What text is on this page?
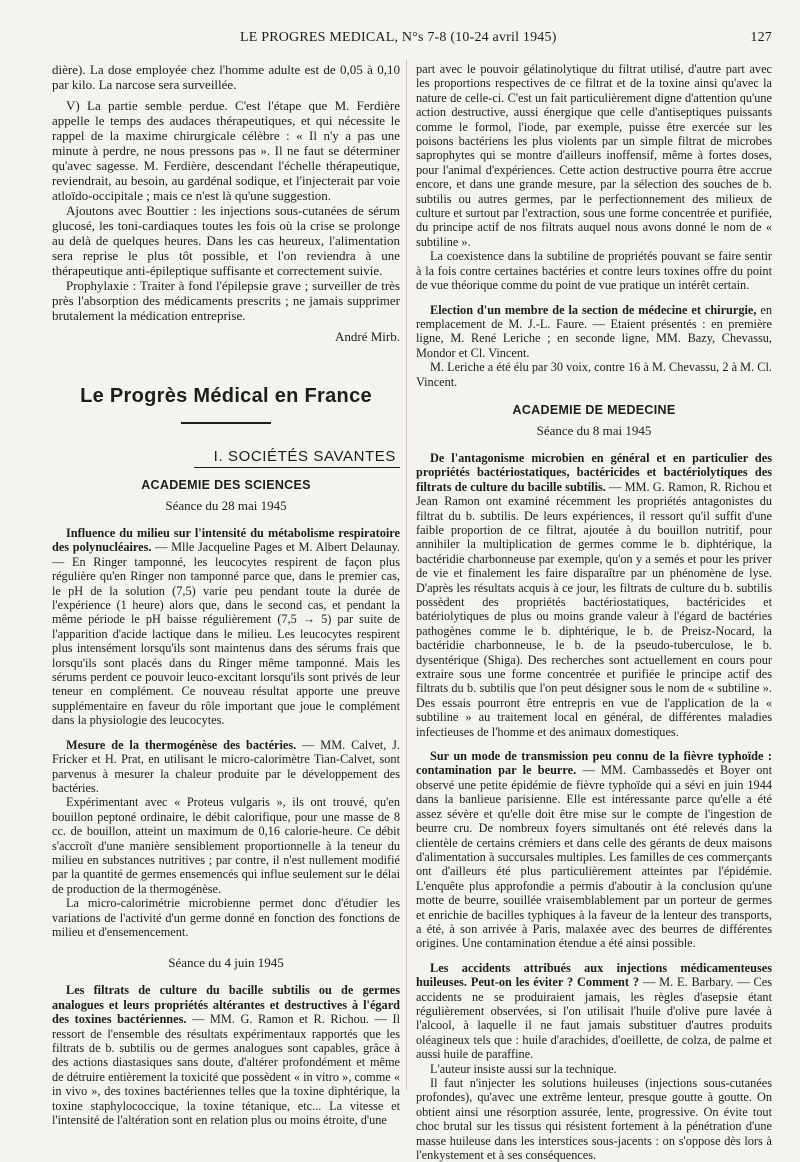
LE PROGRES MEDICAL, N°s 7-8 (10-24 avril 1945)	127

dière). La dose employée chez l'homme adulte est de 0,05 à 0,10 par kilo. La narcose sera surveillée.

V) La partie semble perdue. C'est l'étape que M. Ferdière appelle le temps des audaces thérapeutiques, et qui nécessite le rappel de la maxime chirurgicale célèbre : « Il n'y a pas une minute à perdre, ne nous pressons pas ». Il ne faut se déterminer qu'avec sagesse. M. Ferdière, descendant l'échelle thérapeutique, reviendrait, au besoin, au gardénal sodique, et l'injecterait par voie atloïdo-occipitale ; mais ce n'est là qu'une suggestion.

Ajoutons avec Bouttier : les injections sous-cutanées de sérum glucosé, les toni-cardiaques toutes les fois où la crise se prolonge au delà de quelques heures. Dans les cas heureux, l'alimentation sera reprise le plus tôt possible, et l'on reviendra à une thérapeutique anti-épileptique suffisante et correctement suivie.

Prophylaxie : Traiter à fond l'épilepsie grave ; surveiller de très près l'absorption des médicaments prescrits ; ne jamais supprimer brutalement la médication entreprise.

André Mirb.
Le Progrès Médical en France
I. SOCIÉTÉS SAVANTES
ACADEMIE DES SCIENCES
Séance du 28 mai 1945

Influence du milieu sur l'intensité du métabolisme respiratoire des polynucléaires. — Mlle Jacqueline Pages et M. Albert Delaunay. — En Ringer tamponné, les leucocytes respirent de façon plus régulière qu'en Ringer non tamponné parce que, dans le premier cas, le pH de la solution (7,5) varie peu pendant toute la durée de l'expérience (1 heure) alors que, dans le second cas, et pendant la même période le pH baisse régulièrement (7,5 → 5) par suite de l'apparition d'acide lactique dans le milieu. Les leucocytes respirent plus intensément lorsqu'ils sont maintenus dans des sérums frais que lorsqu'ils sont placés dans du Ringer même tamponné. Mais les sérums perdent ce pouvoir leuco-excitant lorsqu'ils sont privés de leur teneur en complément. Ce nouveau résultat apporte une preuve supplémentaire en faveur du rôle important que joue le complément dans la physiologie des leucocytes.

Mesure de la thermogénèse des bactéries. — MM. Calvet, J. Fricker et H. Prat, en utilisant le micro-calorimètre Tian-Calvet, sont parvenus à mesurer la chaleur produite par le développement des bactéries.

Expérimentant avec « Proteus vulgaris », ils ont trouvé, qu'en bouillon peptoné ordinaire, le débit calorifique, pour une masse de 8 cc. de bouillon, atteint un maximum de 0,16 calorie-heure. Ce débit s'accroît d'une manière sensiblement proportionnelle à la teneur du milieu en substances nutritives ; par contre, il n'est nullement modifié par la quantité de germes ensemencés qui influe seulement sur le délai de production de la thermogénèse.

La micro-calorimétrie microbienne permet donc d'étudier les variations de l'activité d'un germe donné en fonction des fonctions de milieu et d'ensemencement.

Séance du 4 juin 1945

Les filtrats de culture du bacille subtilis ou de germes analogues et leurs propriétés altérantes et destructives à l'égard des toxines bactériennes. — MM. G. Ramon et R. Richou. — Il ressort de l'ensemble des résultats expérimentaux rapportés que les filtrats de b. subtilis ou de germes analogues sont capables, grâce à des actions diastasiques sans doute, d'altérer profondément et même de détruire entièrement la toxicité que possèdent « in vitro », comme « in vivo », des toxines bactériennes telles que la toxine diphtérique, la toxine staphylococcique, la toxine tétanique, etc... La vitesse et l'intensité de l'altération sont en relation plus ou moins étroite, d'une

part avec le pouvoir gélatinolytique du filtrat utilisé, d'autre part avec les proportions respectives de ce filtrat et de la toxine ainsi qu'avec la nature de celle-ci. C'est un fait particulièrement digne d'attention qu'une action destructive, aussi énergique que celle d'antiseptiques puissants comme le formol, l'iode, par exemple, puisse être exercée sur les poisons bactériens les plus violents par un simple filtrat de microbes saprophytes qui se montre d'ailleurs inoffensif, même à fortes doses, pour l'animal d'expériences. Cette action destructive pourra être accrue encore, et dans une grande mesure, par la sélection des souches de b. subtilis ou autres germes, par le perfectionnement des milieux de culture et surtout par l'extraction, sous une forme concentrée et purifiée, du principe actif de nos filtrats auquel nous avons donné le nom de « subtiline ».

La coexistence dans la subtiline de propriétés pouvant se faire sentir à la fois contre certaines bactéries et contre leurs toxines offre du point de vue théorique comme du point de vue pratique un intérêt certain.

Election d'un membre de la section de médecine et chirurgie, en remplacement de M. J.-L. Faure. — Etaient présentés : en première ligne, M. René Leriche ; en seconde ligne, MM. Bazy, Chevassu, Mondor et Cl. Vincent.

M. Leriche a été élu par 30 voix, contre 16 à M. Chevassu, 2 à M. Cl. Vincent.

ACADEMIE DE MEDECINE
Séance du 8 mai 1945

De l'antagonisme microbien en général et en particulier des propriétés bactériostatiques, bactéricides et bactériolytiques des filtrats de culture du bacille subtilis. — MM. G. Ramon, R. Richou et Jean Ramon ont examiné récemment les propriétés antagonistes du filtrat du b. subtilis. De leurs expériences, il ressort qu'il suffit d'une faible proportion de ce filtrat, ajoutée à du bouillon nutritif, pour annihiler la multiplication de germes comme le b. diphtérique, la bactéridie charbonneuse par exemple, qu'on y a semés et pour les priver de vie et finalement les faire disparaître par un phénomène de lyse. D'après les résultats acquis à ce jour, les filtrats de culture du b. subtilis possèdent des propriétés bactériostatiques, bactéricides et batériolytiques de plus ou moins grande valeur à l'égard de bactéries pathogènes comme le b. diphtérique, le b. de Preisz-Nocard, la bactéridie charbonneuse, le b. de la pseudo-tuberculose, le b. dysentérique (Shiga). Des recherches sont actuellement en cours pour extraire sous une forme concentrée et purifiée le principe actif des filtrats du b. subtilis que l'on peut désigner sous le nom de « subtiline ». Des essais pourront être entrepris en vue de l'application de la « subtiline » au traitement local en général, de différentes maladies infectieuses de l'homme et des animaux domestiques.

Sur un mode de transmission peu connu de la fièvre typhoïde : contamination par le beurre. — MM. Cambassedès et Boyer ont observé une petite épidémie de fièvre typhoïde qui a sévi en juin 1944 dans la banlieue parisienne. Elle est intéressante parce qu'elle a été assez sévère et qu'elle doit être mise sur le compte de l'ingestion de beurre cru. De nombreux foyers simultanés ont été relevés dans la clientèle de certains crémiers et dans celle des gérants de deux maisons d'alimentation à succursales multiples. Les familles de ces commerçants ont d'ailleurs été plus particulièrement atteintes par l'épidémie. L'enquête plus approfondie a permis d'aboutir à la conclusion qu'une motte de beurre, souillée vraisemblablement par un porteur de germes et enrichie de bacilles typhiques à la faveur de la lenteur des transports, a été, à son arrivée à Paris, malaxée avec des beurres de différentes origines. Une contamination étendue a été ainsi possible.

Les accidents attribués aux injections médicamenteuses huileuses. Peut-on les éviter ? Comment ? — M. E. Barbary. — Ces accidents ne se produiraient jamais, les règles d'asepsie étant régulièrement observées, si l'on utilisait l'huile d'olive pure lavée à l'alcool, à laquelle il ne faut jamais substituer d'autres produits oléagineux tels que : huile d'arachides, d'oeillette, de colza, de palme et aussi huile de paraffine.

L'auteur insiste aussi sur la technique.

Il faut n'injecter les solutions huileuses (injections sous-cutanées profondes), qu'avec une extrême lenteur, presque goutte à goutte. On obtient ainsi une résorption assurée, lente, progressive. On évite tout choc brutal sur les tissus qui résistent fortement à la pénétration d'une masse huileuse dans les interstices sous-jacents : on s'oppose dès lors à l'enkystement et à ses conséquences.
